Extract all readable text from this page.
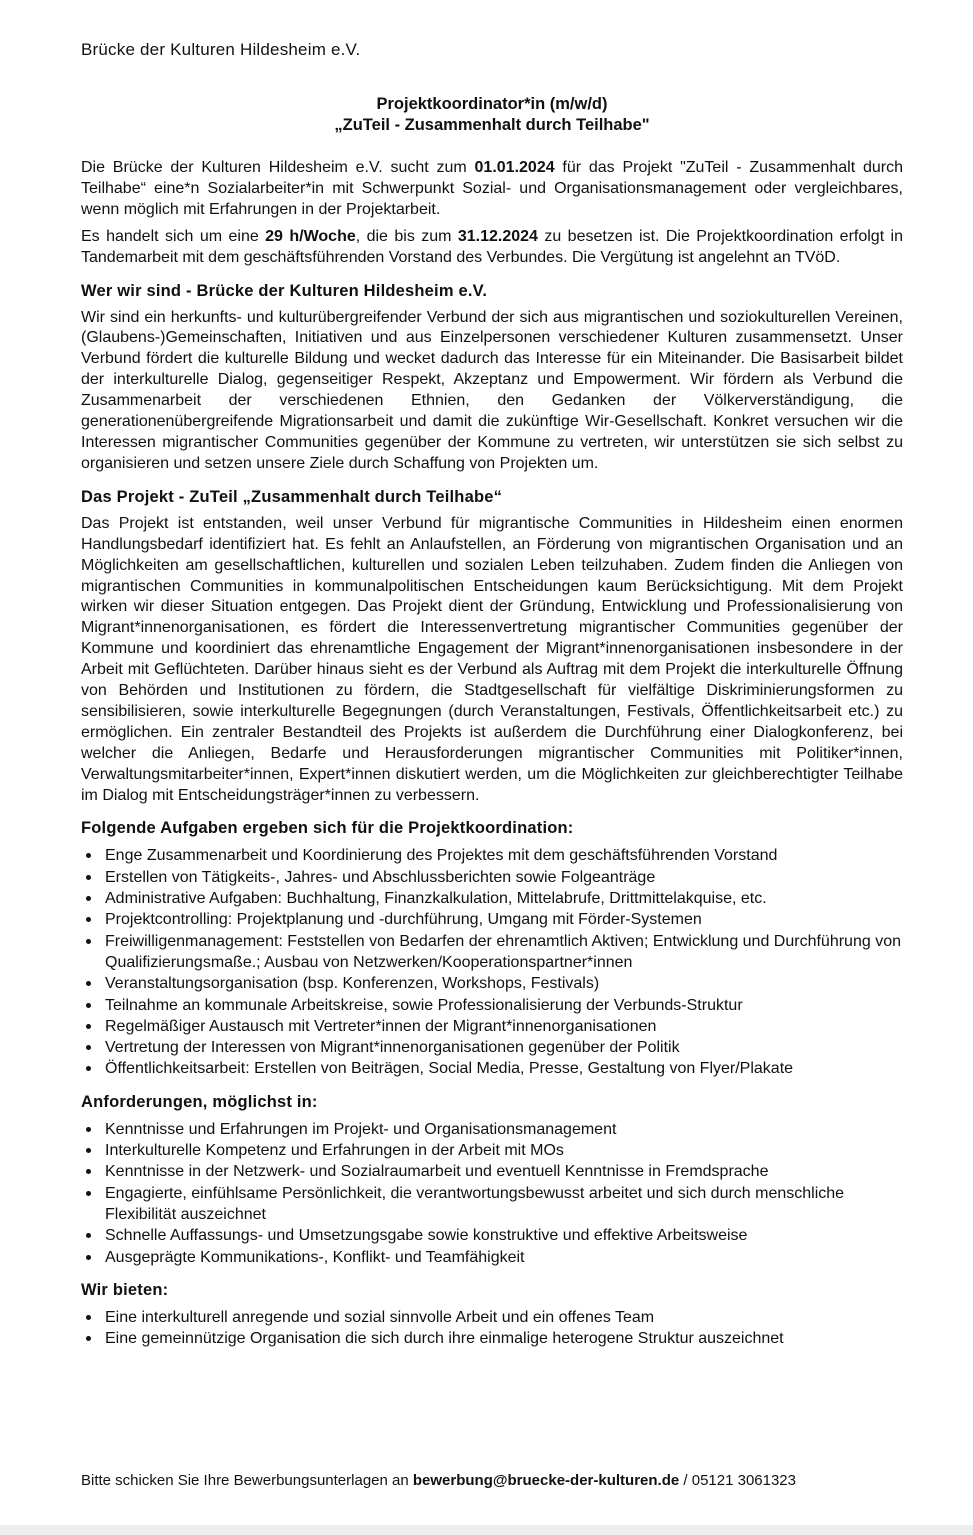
Brücke der Kulturen Hildesheim e.V.
Projektkoordinator*in (m/w/d)
„ZuTeil - Zusammenhalt durch Teilhabe"

Die Brücke der Kulturen Hildesheim e.V. sucht zum 01.01.2024 für das Projekt "ZuTeil - Zusammenhalt durch Teilhabe“ eine*n Sozialarbeiter*in mit Schwerpunkt Sozial- und Organisationsmanagement oder vergleichbares, wenn möglich mit Erfahrungen in der Projektarbeit.

Es handelt sich um eine 29 h/Woche, die bis zum 31.12.2024 zu besetzen ist. Die Projektkoordination erfolgt in Tandemarbeit mit dem geschäftsführenden Vorstand des Verbundes. Die Vergütung ist angelehnt an TVöD.

Wer wir sind - Brücke der Kulturen Hildesheim e.V.

Wir sind ein herkunfts- und kulturübergreifender Verbund der sich aus migrantischen und soziokulturellen Vereinen, (Glaubens-)Gemeinschaften, Initiativen und aus Einzelpersonen verschiedener Kulturen zusammensetzt. Unser Verbund fördert die kulturelle Bildung und wecket dadurch das Interesse für ein Miteinander. Die Basisarbeit bildet der interkulturelle Dialog, gegenseitiger Respekt, Akzeptanz und Empowerment. Wir fördern als Verbund die Zusammenarbeit der verschiedenen Ethnien, den Gedanken der Völkerverständigung, die generationenübergreifende Migrationsarbeit und damit die zukünftige Wir-Gesellschaft. Konkret versuchen wir die Interessen migrantischer Communities gegenüber der Kommune zu vertreten, wir unterstützen sie sich selbst zu organisieren und setzen unsere Ziele durch Schaffung von Projekten um.

Das Projekt - ZuTeil „Zusammenhalt durch Teilhabe“

Das Projekt ist entstanden, weil unser Verbund für migrantische Communities in Hildesheim einen enormen Handlungsbedarf identifiziert hat. Es fehlt an Anlaufstellen, an Förderung von migrantischen Organisation und an Möglichkeiten am gesellschaftlichen, kulturellen und sozialen Leben teilzuhaben. Zudem finden die Anliegen von migrantischen Communities in kommunalpolitischen Entscheidungen kaum Berücksichtigung. Mit dem Projekt wirken wir dieser Situation entgegen. Das Projekt dient der Gründung, Entwicklung und Professionalisierung von Migrant*innenorganisationen, es fördert die Interessenvertretung migrantischer Communities gegenüber der Kommune und koordiniert das ehrenamtliche Engagement der Migrant*innenorganisationen insbesondere in der Arbeit mit Geflüchteten. Darüber hinaus sieht es der Verbund als Auftrag mit dem Projekt die interkulturelle Öffnung von Behörden und Institutionen zu fördern, die Stadtgesellschaft für vielfältige Diskriminierungsformen zu sensibilisieren, sowie interkulturelle Begegnungen (durch Veranstaltungen, Festivals, Öffentlichkeitsarbeit etc.) zu ermöglichen. Ein zentraler Bestandteil des Projekts ist außerdem die Durchführung einer Dialogkonferenz, bei welcher die Anliegen, Bedarfe und Herausforderungen migrantischer Communities mit Politiker*innen, Verwaltungsmitarbeiter*innen, Expert*innen diskutiert werden, um die Möglichkeiten zur gleichberechtigter Teilhabe im Dialog mit Entscheidungsträger*innen zu verbessern.

Folgende Aufgaben ergeben sich für die Projektkoordination:
Enge Zusammenarbeit und Koordinierung des Projektes mit dem geschäftsführenden Vorstand
Erstellen von Tätigkeits-, Jahres- und Abschlussberichten sowie Folgeanträge
Administrative Aufgaben: Buchhaltung, Finanzkalkulation, Mittelabrufe, Drittmittelakquise, etc.
Projektcontrolling: Projektplanung und -durchführung, Umgang mit Förder-Systemen
Freiwilligenmanagement: Feststellen von Bedarfen der ehrenamtlich Aktiven; Entwicklung und Durchführung von Qualifizierungsmaße.; Ausbau von Netzwerken/Kooperationspartner*innen
Veranstaltungsorganisation (bsp. Konferenzen, Workshops, Festivals)
Teilnahme an kommunale Arbeitskreise, sowie Professionalisierung der Verbunds-Struktur
Regelmäßiger Austausch mit Vertreter*innen der Migrant*innenorganisationen
Vertretung der Interessen von Migrant*innenorganisationen gegenüber der Politik
Öffentlichkeitsarbeit: Erstellen von Beiträgen, Social Media, Presse, Gestaltung von Flyer/Plakate
Anforderungen, möglichst in:
Kenntnisse und Erfahrungen im Projekt- und Organisationsmanagement
Interkulturelle Kompetenz und Erfahrungen in der Arbeit mit MOs
Kenntnisse in der Netzwerk- und Sozialraumarbeit und eventuell Kenntnisse in Fremdsprache
Engagierte, einfühlsame Persönlichkeit, die verantwortungsbewusst arbeitet und sich durch menschliche Flexibilität auszeichnet
Schnelle Auffassungs- und Umsetzungsgabe sowie konstruktive und effektive Arbeitsweise
Ausgeprägte Kommunikations-, Konflikt- und Teamfähigkeit
Wir bieten:
Eine interkulturell anregende und sozial sinnvolle Arbeit und ein offenes Team
Eine gemeinnützige Organisation die sich durch ihre einmalige heterogene Struktur auszeichnet
Bitte schicken Sie Ihre Bewerbungsunterlagen an bewerbung@bruecke-der-kulturen.de / 05121 3061323
